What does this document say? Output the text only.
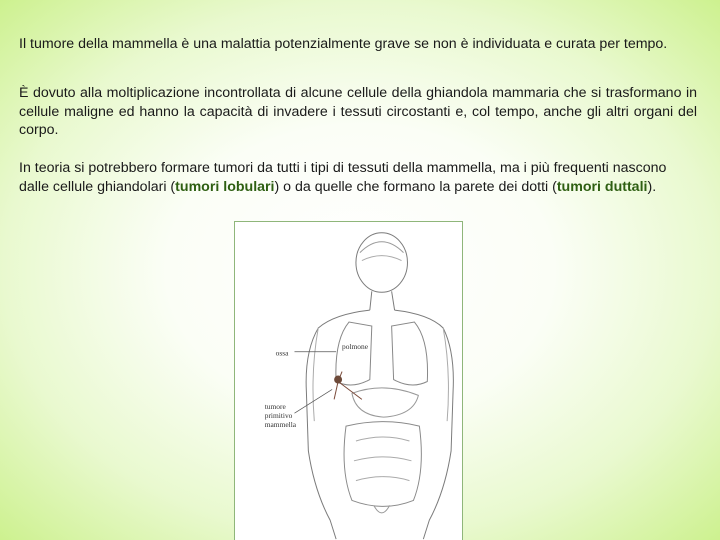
Il tumore della mammella è una malattia potenzialmente grave se non è individuata e curata per tempo.
È dovuto alla moltiplicazione incontrollata di alcune cellule della ghiandola mammaria che si trasformano in cellule maligne ed hanno la capacità di invadere i tessuti circostanti e, col tempo, anche gli altri organi del corpo.
In teoria si potrebbero formare tumori da tutti i tipi di tessuti della mammella, ma i più frequenti nascono dalle cellule ghiandolari (tumori lobulari) o da quelle che formano la parete dei dotti (tumori duttali).
polmone
ossa
tumore
primitivo
mammella
